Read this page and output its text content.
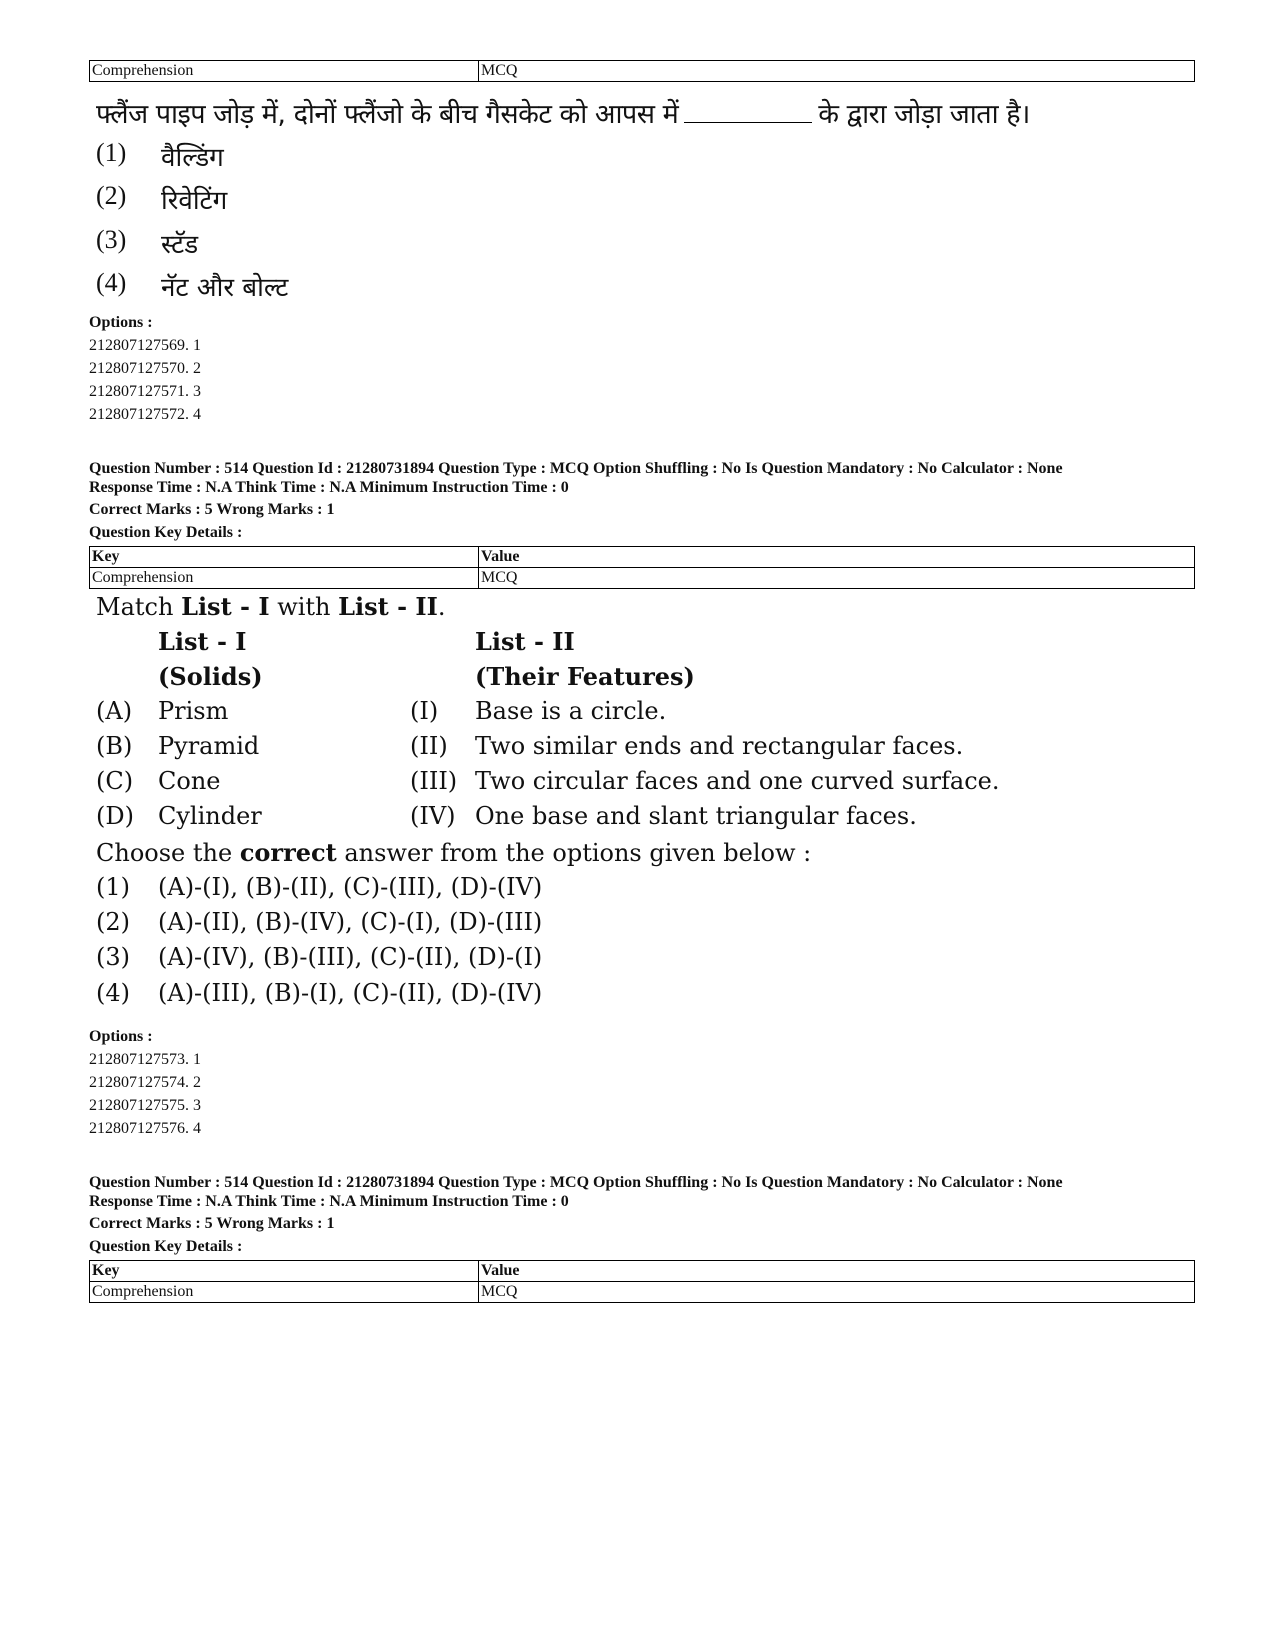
Comprehension	MCQ
फ्लैंज पाइप जोड़ में, दोनों फ्लैंजो के बीच गैसकेट को आपस में	के द्वारा जोड़ा जाता है।
(1)	वैल्डिंग
(2)	रिवेटिंग
(3)	स्टॅड
(4)	नॅट और बोल्ट
Options :
212807127569. 1
212807127570. 2
212807127571. 3
212807127572. 4
Question Number : 514 Question Id : 21280731894 Question Type : MCQ Option Shuffling : No Is Question Mandatory : No Calculator : None
Response Time : N.A Think Time : N.A Minimum Instruction Time : 0
Correct Marks : 5 Wrong Marks : 1
Question Key Details :
Key	Value
Comprehension	MCQ
Match List - I with List - II.
List - I
(Solids)
List - II
(Their Features)
(A) Prism	(I) Base is a circle.
(B) Pyramid	(II) Two similar ends and rectangular faces.
(C) Cone	(III) Two circular faces and one curved surface.
(D) Cylinder	(IV) One base and slant triangular faces.
Choose the correct answer from the options given below :
(1) (A)-(I), (B)-(II), (C)-(III), (D)-(IV)
(2) (A)-(II), (B)-(IV), (C)-(I), (D)-(III)
(3) (A)-(IV), (B)-(III), (C)-(II), (D)-(I)
(4) (A)-(III), (B)-(I), (C)-(II), (D)-(IV)
Options :
212807127573. 1
212807127574. 2
212807127575. 3
212807127576. 4
Question Number : 514 Question Id : 21280731894 Question Type : MCQ Option Shuffling : No Is Question Mandatory : No Calculator : None
Response Time : N.A Think Time : N.A Minimum Instruction Time : 0
Correct Marks : 5 Wrong Marks : 1
Question Key Details :
Key	Value
Comprehension	MCQ
